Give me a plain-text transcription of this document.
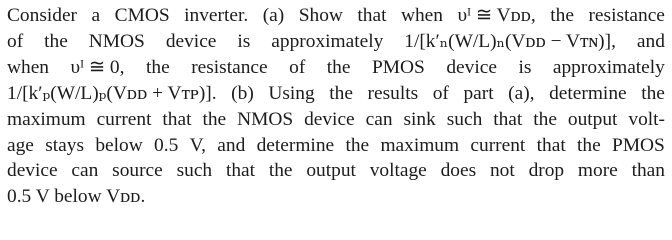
Consider a CMOS inverter. (a) Show that when υᴵ ≅ Vᴅᴅ, the resistance
of the NMOS device is approximately 1/[k′ₙ(W/L)ₙ(Vᴅᴅ − Vᴛɴ)], and
when υᴵ ≅ 0, the resistance of the PMOS device is approximately
1/[k′ₚ(W/L)ₚ(Vᴅᴅ + Vᴛᴘ)]. (b) Using the results of part (a), determine the
maximum current that the NMOS device can sink such that the output volt-
age stays below 0.5 V, and determine the maximum current that the PMOS
device can source such that the output voltage does not drop more than
0.5 V below Vᴅᴅ.
